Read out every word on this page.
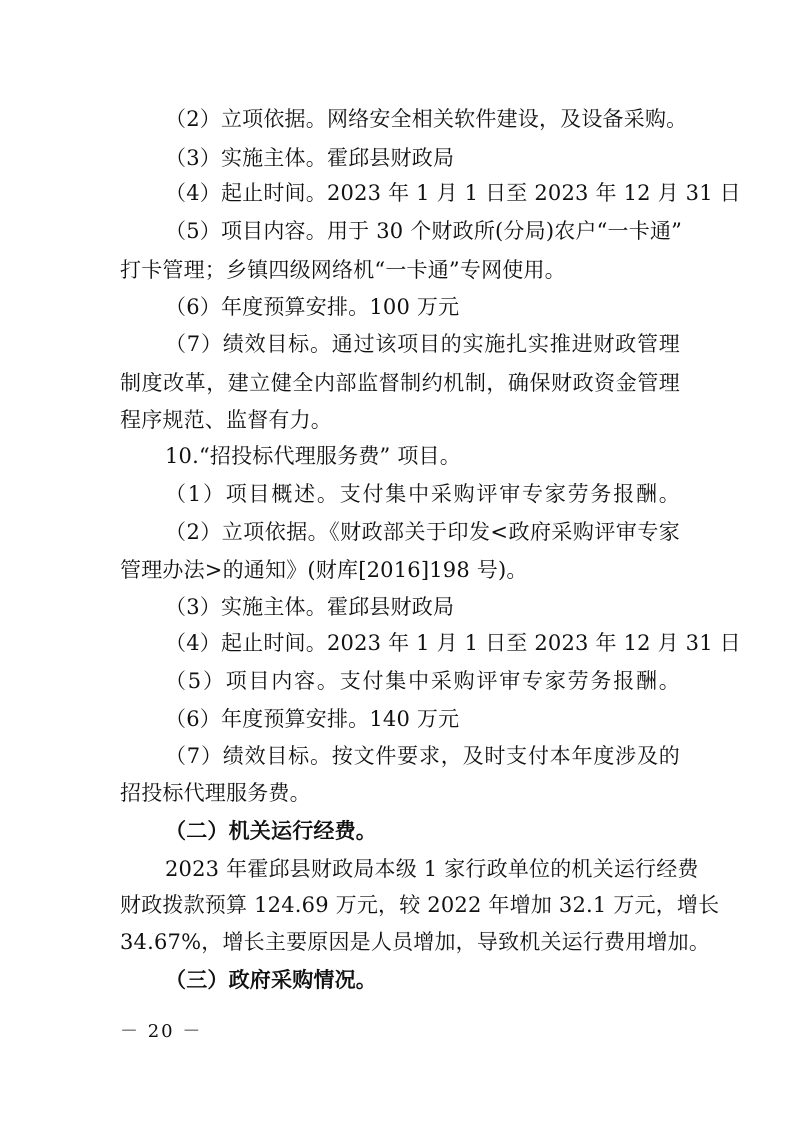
（2）立项依据。网络安全相关软件建设，及设备采购。
（3）实施主体。霍邱县财政局
（4）起止时间。2023 年 1 月 1 日至 2023 年 12 月 31 日
（5）项目内容。用于 30 个财政所(分局)农户“一卡通”
打卡管理；乡镇四级网络机“一卡通”专网使用。
（6）年度预算安排。100 万元
（7）绩效目标。通过该项目的实施扎实推进财政管理
制度改革，建立健全内部监督制约机制，确保财政资金管理
程序规范、监督有力。
10.“招投标代理服务费” 项目。
（1）项目概述。支付集中采购评审专家劳务报酬。
（2）立项依据。《财政部关于印发<政府采购评审专家
管理办法>的通知》(财库[2016]198 号)。
（3）实施主体。霍邱县财政局
（4）起止时间。2023 年 1 月 1 日至 2023 年 12 月 31 日
（5）项目内容。支付集中采购评审专家劳务报酬。
（6）年度预算安排。140 万元
（7）绩效目标。按文件要求，及时支付本年度涉及的
招投标代理服务费。
（二）机关运行经费。
2023 年霍邱县财政局本级 1 家行政单位的机关运行经费
财政拨款预算 124.69 万元，较 2022 年增加 32.1 万元，增长
34.67%，增长主要原因是人员增加，导致机关运行费用增加。
（三）政府采购情况。
－ 20 －
